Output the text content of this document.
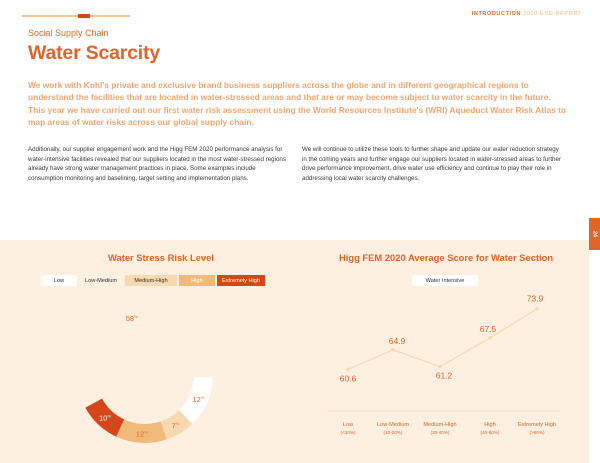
INTRODUCTION 2020 ESG REPORT
Social Supply Chain
Water Scarcity
We work with Kohl's private and exclusive brand business suppliers across the globe and in different geographical regions to understand the facilities that are located in water-stressed areas and that are or may become subject to water scarcity in the future. This year we have carried out our first water risk assessment using the World Resources Institute's (WRI) Aqueduct Water Risk Atlas to map areas of water risks across our global supply chain.
Additionally, our supplier engagement work and the Higg FEM 2020 performance analysis for water-intensive facilities revealed that our suppliers located in the most water-stressed regions already have strong water management practices in place. Some examples include consumption monitoring and baselining, target setting and implementation plans.
We will continue to utilize these tools to further shape and update our water reduction strategy in the coming years and further engage our suppliers located in water-stressed areas to further drive performance improvement, drive water use efficiency and continue to play their role in addressing local water scarcity challenges.
24
Water Stress Risk Level	Higg FEM 2020 Average Score for Water Section
Low	Low-Medium	Medium-High	High	Extremely High	Water Intensive
10%
58%
12%
7%
12%
60.6
64.9
61.2
67.5
73.9
Low
(<10%)
Low-Medium
(10-20%)
Medium-High
(20-40%)
High
(40-80%)
Extremely High
(>80%)
